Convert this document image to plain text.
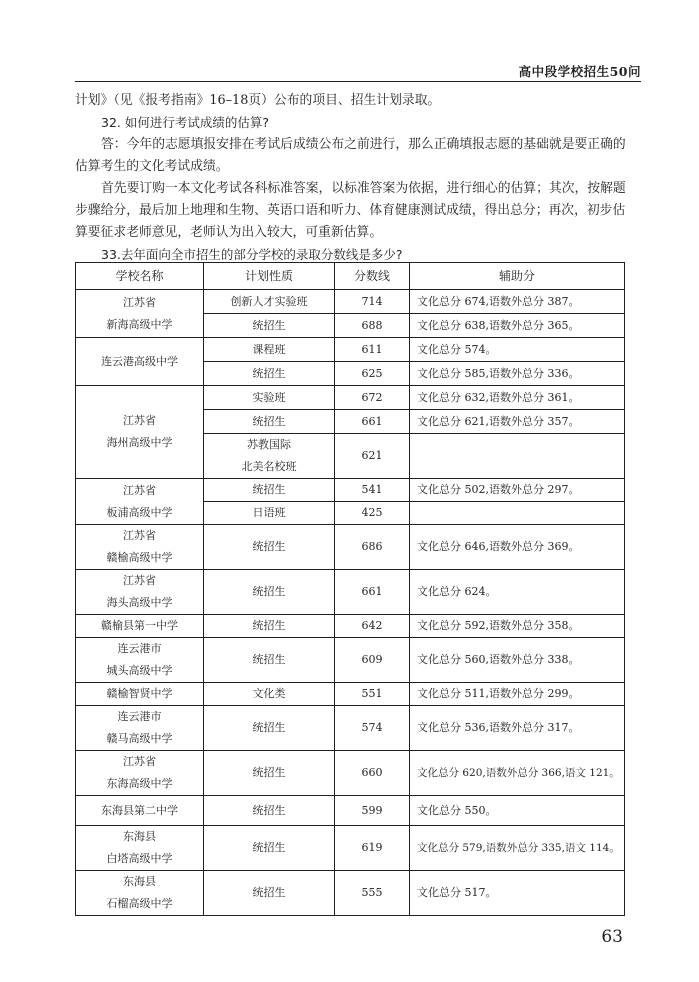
高中段学校招生50问

计划》（见《报考指南》16–18页）公布的项目、招生计划录取。

32. 如何进行考试成绩的估算?

答：今年的志愿填报安排在考试后成绩公布之前进行，那么正确填报志愿的基础就是要正确的估算考生的文化考试成绩。

首先要订购一本文化考试各科标准答案，以标准答案为依据，进行细心的估算；其次，按解题步骤给分，最后加上地理和生物、英语口语和听力、体育健康测试成绩，得出总分；再次，初步估算要征求老师意见，老师认为出入较大，可重新估算。

33.去年面向全市招生的部分学校的录取分数线是多少?

学校名称	计划性质	分数线	辅助分

江苏省
新海高级中学	创新人才实验班	714	文化总分 674,语数外总分 387。
	统招生	688	文化总分 638,语数外总分 365。
连云港高级中学	课程班	611	文化总分 574。
	统招生	625	文化总分 585,语数外总分 336。

江苏省
海州高级中学	实验班	672	文化总分 632,语数外总分 361。
	统招生	661	文化总分 621,语数外总分 357。

	苏教国际
北美名校班	621	

江苏省
板浦高级中学	统招生	541	文化总分 502,语数外总分 297。
	日语班	425	

江苏省
赣榆高级中学	统招生	686	文化总分 646,语数外总分 369。

江苏省
海头高级中学	统招生	661	文化总分 624。
赣榆县第一中学	统招生	642	文化总分 592,语数外总分 358。

连云港市
城头高级中学	统招生	609	文化总分 560,语数外总分 338。
赣榆智贤中学	文化类	551	文化总分 511,语数外总分 299。

连云港市
赣马高级中学	统招生	574	文化总分 536,语数外总分 317。

江苏省
东海高级中学	统招生	660	文化总分 620,语数外总分 366,语文 121。
东海县第二中学	统招生	599	文化总分 550。

东海县
白塔高级中学	统招生	619	文化总分 579,语数外总分 335,语文 114。

东海县
石榴高级中学	统招生	555	文化总分 517。
63
